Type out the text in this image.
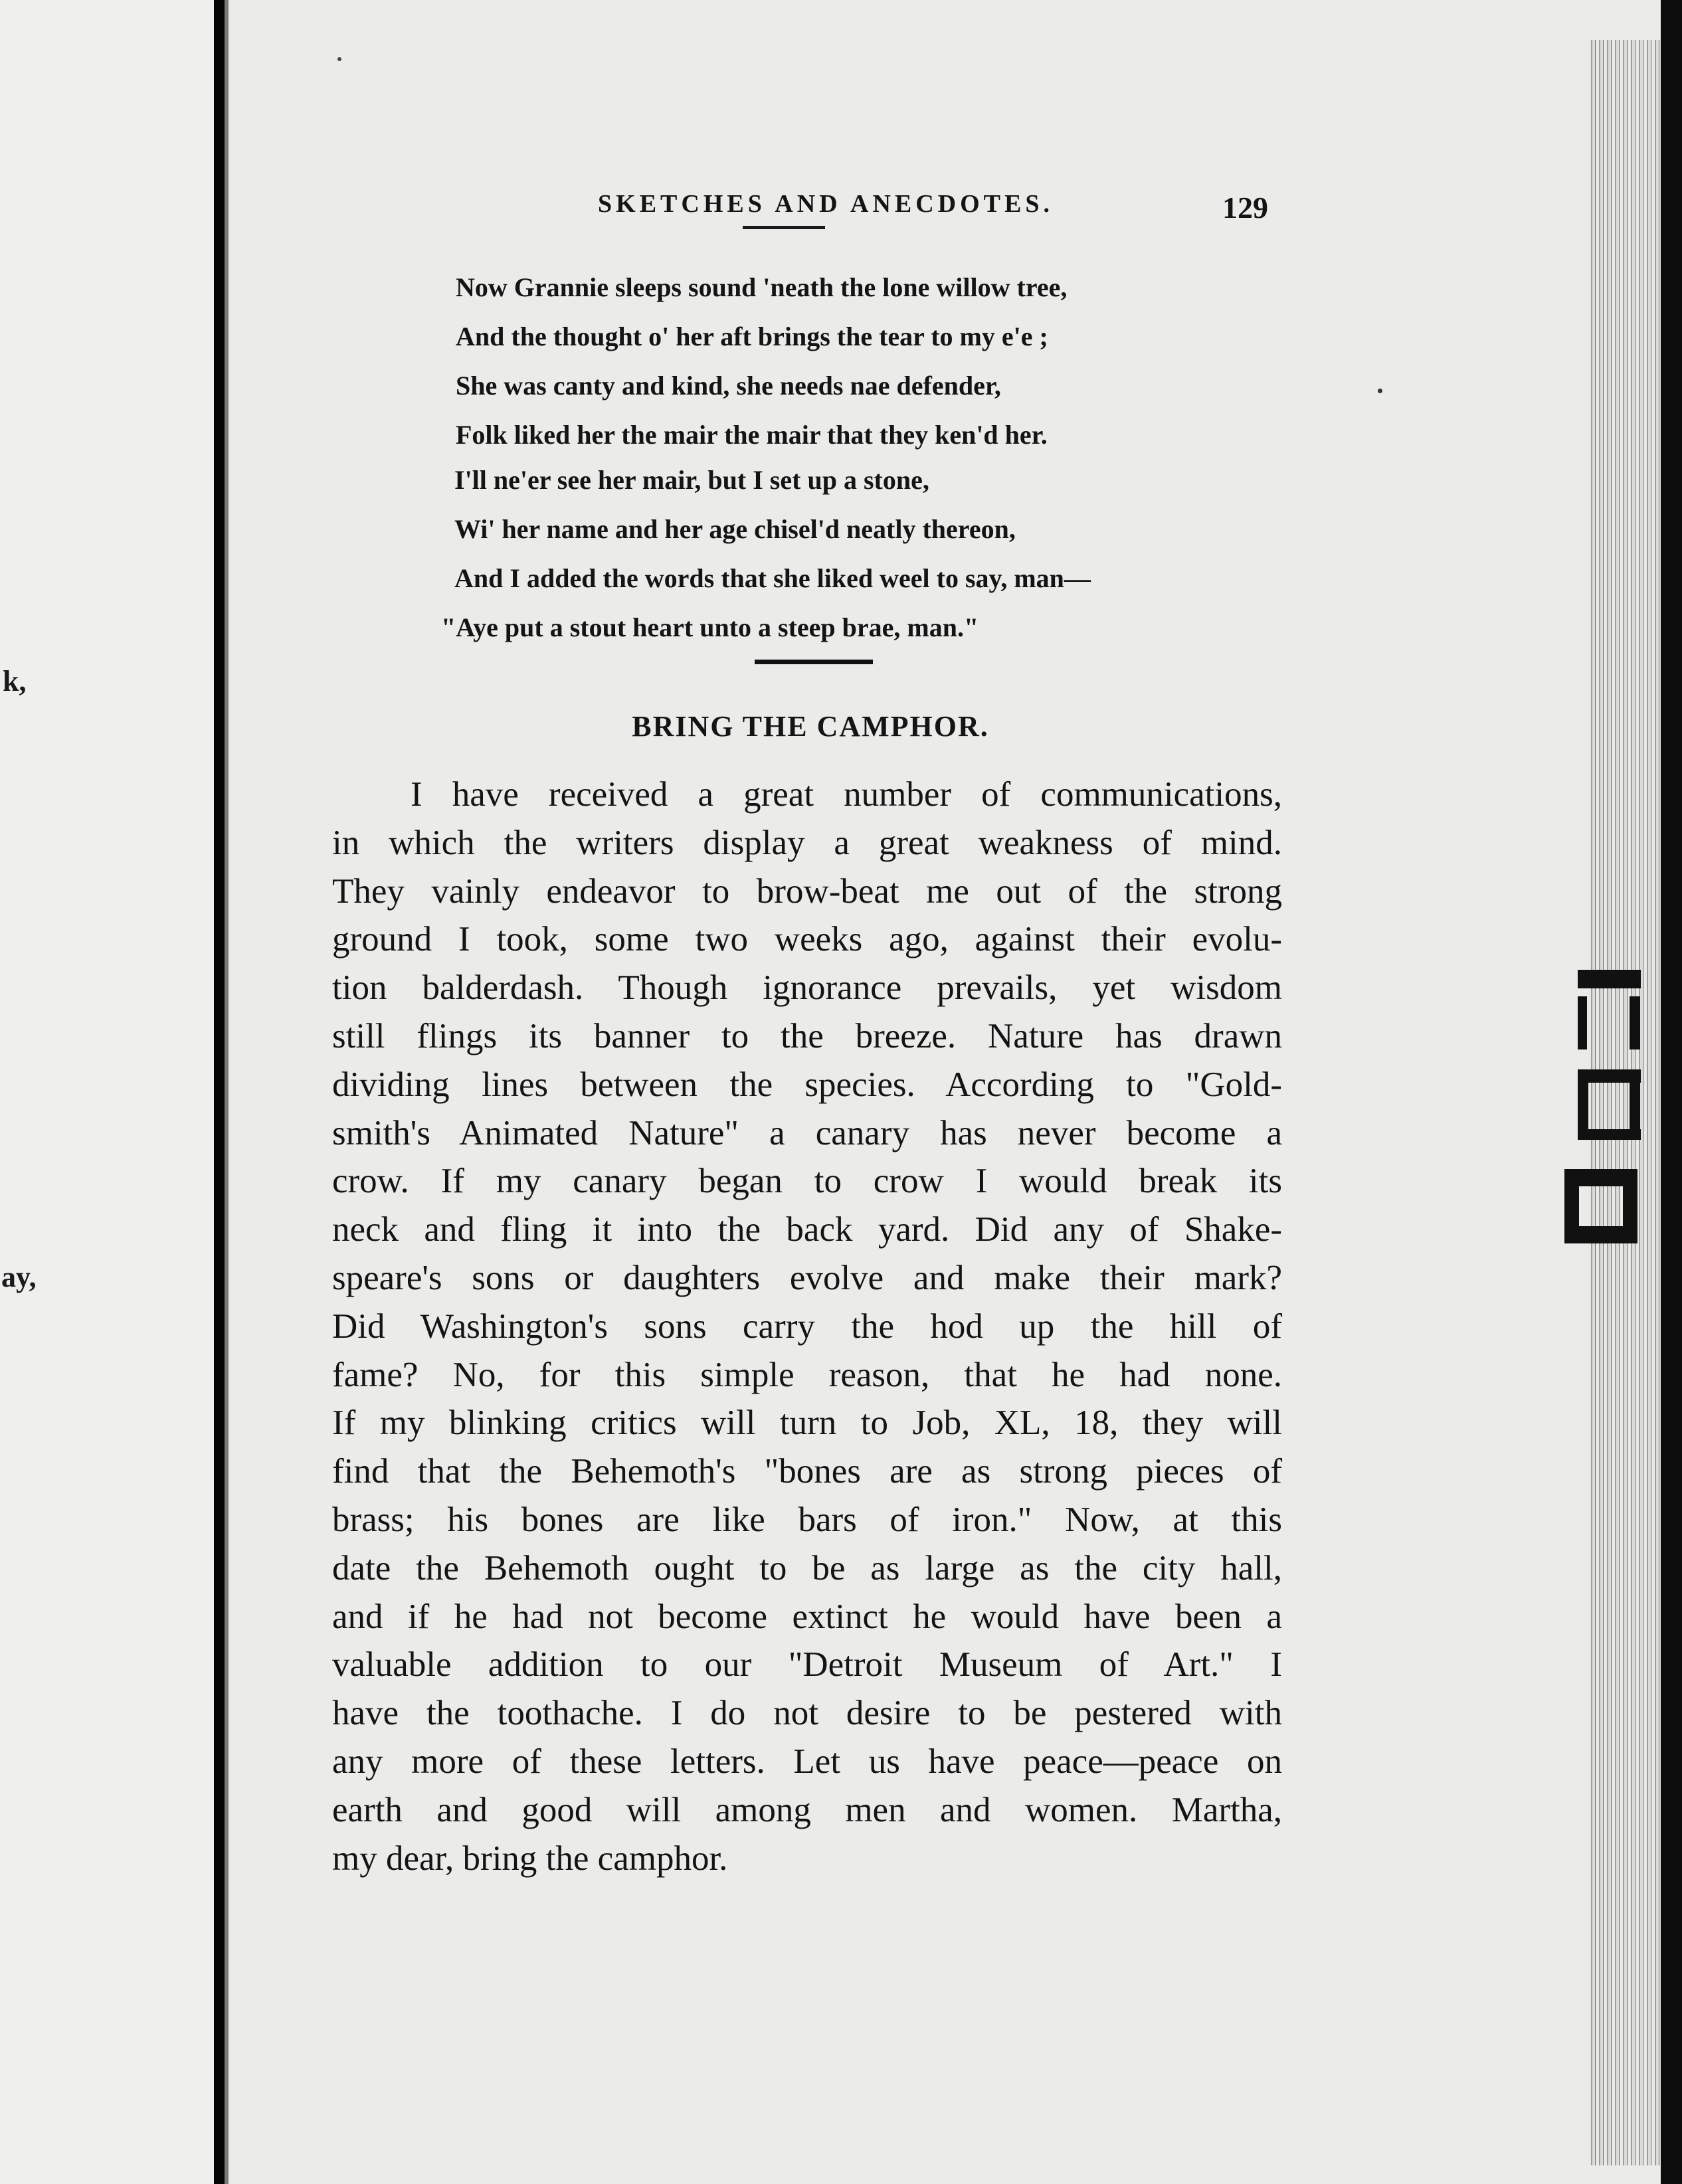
k,
ay,
SKETCHES AND ANECDOTES.	129
Now Grannie sleeps sound 'neath the lone willow tree,
And the thought o' her aft brings the tear to my e'e ;
She was canty and kind, she needs nae defender,
Folk liked her the mair the mair that they ken'd her.
I'll ne'er see her mair, but I set up a stone,
Wi' her name and her age chisel'd neatly thereon,
And I added the words that she liked weel to say, man—
"Aye put a stout heart unto a steep brae, man."
BRING THE CAMPHOR.
I have received a great number of communications,
in which the writers display a great weakness of mind.
They vainly endeavor to brow-beat me out of the strong
ground I took, some two weeks ago, against their evolu-
tion balderdash. Though ignorance prevails, yet wisdom
still flings its banner to the breeze. Nature has drawn
dividing lines between the species. According to "Gold-
smith's Animated Nature" a canary has never become a
crow. If my canary began to crow I would break its
neck and fling it into the back yard. Did any of Shake-
speare's sons or daughters evolve and make their mark?
Did Washington's sons carry the hod up the hill of
fame? No, for this simple reason, that he had none.
If my blinking critics will turn to Job, XL, 18, they will
find that the Behemoth's "bones are as strong pieces of
brass; his bones are like bars of iron." Now, at this
date the Behemoth ought to be as large as the city hall,
and if he had not become extinct he would have been a
valuable addition to our "Detroit Museum of Art." I
have the toothache. I do not desire to be pestered with
any more of these letters. Let us have peace—peace on
earth and good will among men and women. Martha,
my dear, bring the camphor.
